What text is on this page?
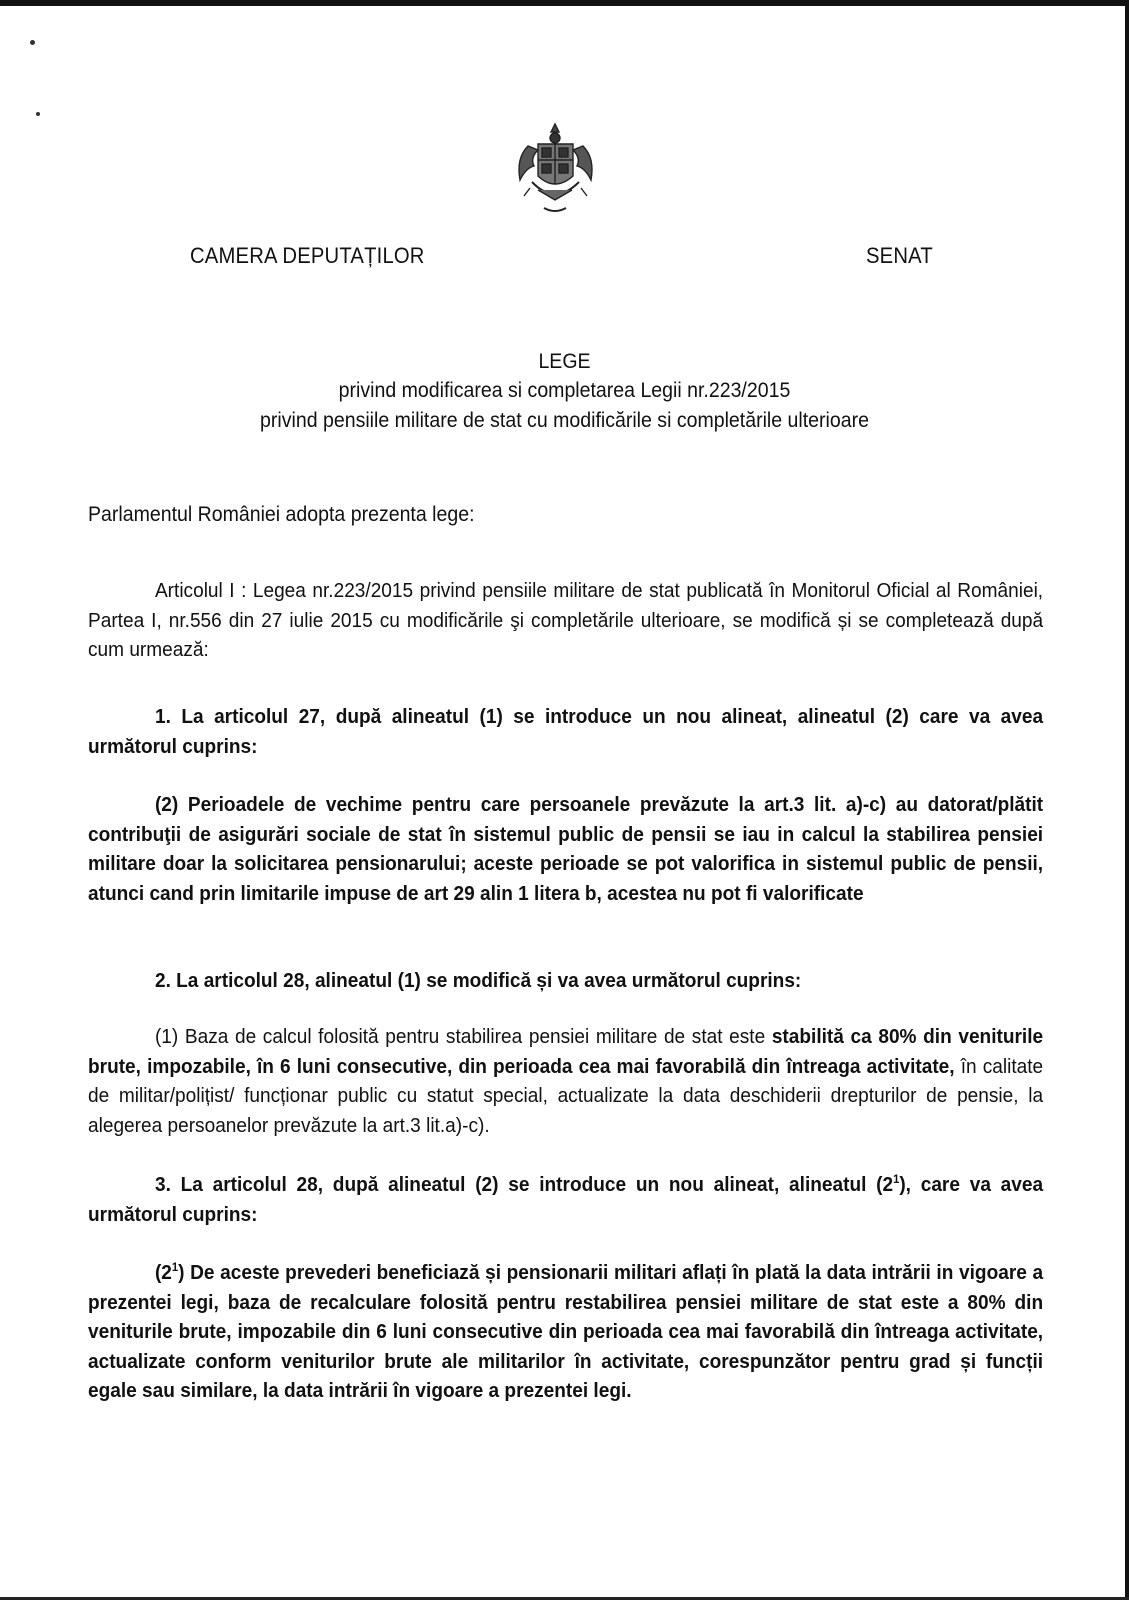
CAMERA DEPUTAȚILOR	SENAT
LEGE
privind modificarea si completarea Legii nr.223/2015
privind pensiile militare de stat cu modificările si completările ulterioare
Parlamentul României adopta prezenta lege:
Articolul I : Legea nr.223/2015 privind pensiile militare de stat publicată în Monitorul Oficial al României, Partea I, nr.556 din 27 iulie 2015 cu modificările şi completările ulterioare, se modifică și se completează după cum urmează:
1. La articolul 27, după alineatul (1) se introduce un nou alineat, alineatul (2) care va avea următorul cuprins:
(2) Perioadele de vechime pentru care persoanele prevăzute la art.3 lit. a)-c) au datorat/plătit contribuţii de asigurări sociale de stat în sistemul public de pensii se iau in calcul la stabilirea pensiei militare doar la solicitarea pensionarului; aceste perioade se pot valorifica in sistemul public de pensii, atunci cand prin limitarile impuse de art 29 alin 1 litera b, acestea nu pot fi valorificate
2. La articolul 28, alineatul (1) se modifică și va avea următorul cuprins:
(1) Baza de calcul folosită pentru stabilirea pensiei militare de stat este stabilită ca 80% din veniturile brute, impozabile, în 6 luni consecutive, din perioada cea mai favorabilă din întreaga activitate, în calitate de militar/polițist/ funcționar public cu statut special, actualizate la data deschiderii drepturilor de pensie, la alegerea persoanelor prevăzute la art.3 lit.a)-c).
3. La articolul 28, după alineatul (2) se introduce un nou alineat, alineatul $(2^1)$, care va avea următorul cuprins:
$(2^1)$ De aceste prevederi beneficiază și pensionarii militari aflați în plată la data intrării in vigoare a prezentei legi, baza de recalculare folosită pentru restabilirea pensiei militare de stat este a 80% din veniturile brute, impozabile din 6 luni consecutive din perioada cea mai favorabilă din întreaga activitate, actualizate conform veniturilor brute ale militarilor în activitate, corespunzător pentru grad și funcții egale sau similare, la data intrării în vigoare a prezentei legi.
